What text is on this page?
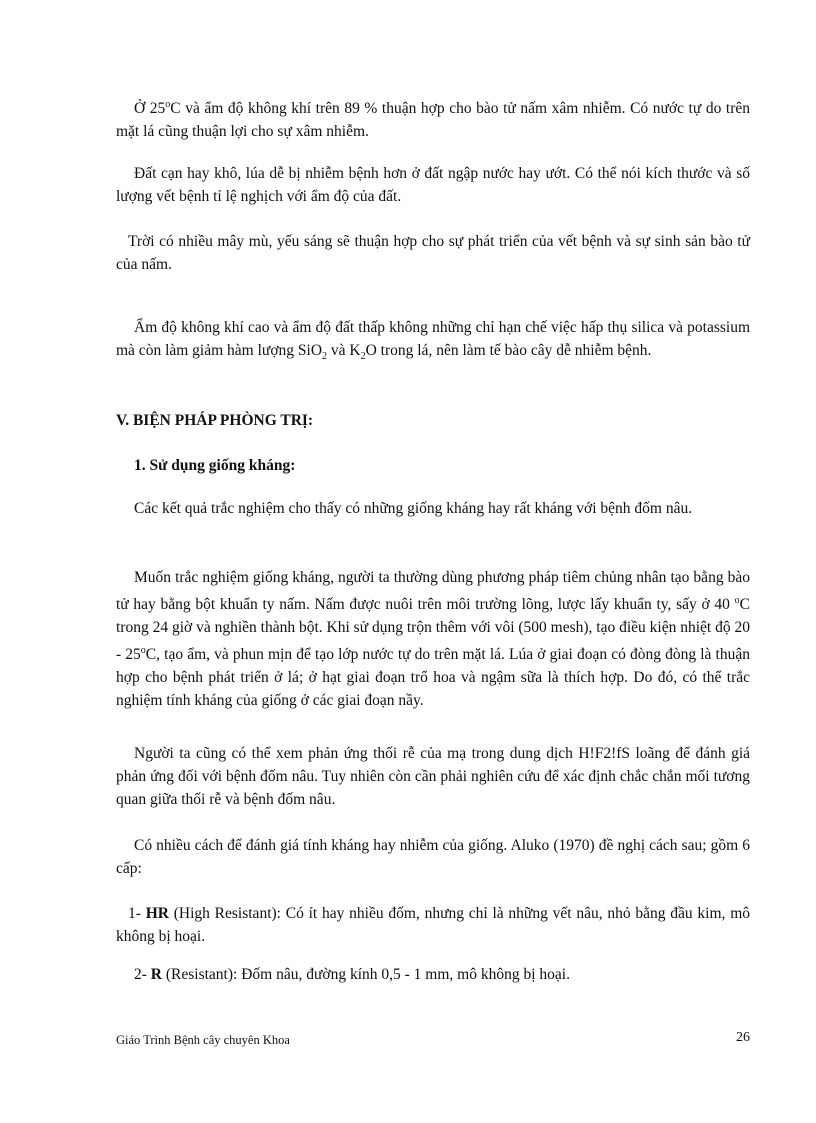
Ở 25$^o$C và ẩm độ không khí trên 89 % thuận hợp cho bào tử nấm xâm nhiễm. Có nước tự do trên mặt lá cũng thuận lợi cho sự xâm nhiễm.

Đất cạn hay khô, lúa dễ bị nhiễm bệnh hơn ở đất ngập nước hay ướt. Có thể nói kích thước và số lượng vết bệnh tỉ lệ nghịch với ẩm độ của đất.

Trời có nhiều mây mù, yếu sáng sẽ thuận hợp cho sự phát triển của vết bệnh và sự sinh sản bào tử của nấm.

Ẩm độ không khí cao và ẩm độ đất thấp không những chỉ hạn chế việc hấp thụ silica và potassium mà còn làm giảm hàm lượng SiO$_2$ và $K_2O$ trong lá, nên làm tế bào cây dễ nhiễm bệnh.

V. BIỆN PHÁP PHÒNG TRỊ:
1. Sử dụng giống kháng:

Các kết quả trắc nghiệm cho thấy có những giống kháng hay rất kháng với bệnh đốm nâu.

Muốn trắc nghiệm giống kháng, người ta thường dùng phương pháp tiêm chủng nhân tạo bằng bào tử hay bằng bột khuẩn ty nấm. Nấm được nuôi trên môi trường lõng, lược lấy khuẩn ty, sấy ở 40 $^o$C trong 24 giờ và nghiền thành bột. Khi sử dụng trộn thêm với vôi (500 mesh), tạo điều kiện nhiệt độ 20 - 25$^o$C, tạo ẩm, và phun mịn để tạo lớp nước tự do trên mặt lá. Lúa ở giai đoạn có đòng đòng là thuận hợp cho bệnh phát triển ở lá; ở hạt giai đoạn trổ hoa và ngậm sữa là thích hợp. Do đó, có thể trắc nghiệm tính kháng của giống ở các giai đoạn nầy.

Người ta cũng có thể xem phản ứng thối rễ của mạ trong dung dịch H!F2!fS loãng để đánh giá phản ứng đối với bệnh đốm nâu. Tuy nhiên còn cần phải nghiên cứu để xác định chắc chắn mối tương quan giữa thối rễ và bệnh đốm nâu.

Có nhiều cách để đánh giá tính kháng hay nhiễm của giống. Aluko (1970) đề nghị cách sau; gồm 6 cấp:

1- HR (High Resistant): Có ít hay nhiều đốm, nhưng chỉ là những vết nâu, nhỏ bằng đầu kim, mô không bị hoại.

2- R (Resistant): Đốm nâu, đường kính 0,5 - 1 mm, mô không bị hoại.

Giáo Trình Bệnh cây chuyên Khoa	26
